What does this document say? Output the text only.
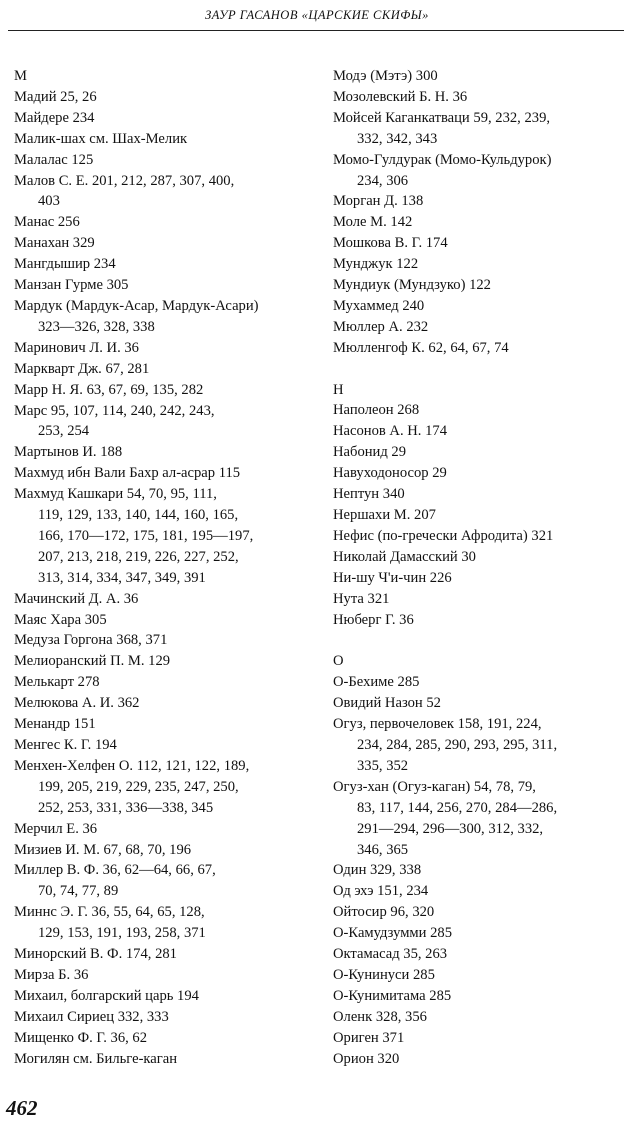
ЗАУР ГАСАНОВ «ЦАРСКИЕ СКИФЫ»
М
Мадий 25, 26
Майдере 234
Малик-шах см. Шах-Мелик
Малалас 125
Малов С. Е. 201, 212, 287, 307, 400,
403
Манас 256
Манахан 329
Мангдышир 234
Манзан Гурме 305
Мардук (Мардук-Асар, Мардук-Асари)
323—326, 328, 338
Маринович Л. И. 36
Маркварт Дж. 67, 281
Марр Н. Я. 63, 67, 69, 135, 282
Марс 95, 107, 114, 240, 242, 243,
253, 254
Мартынов И. 188
Махмуд ибн Вали Бахр ал-асрар 115
Махмуд Кашкари 54, 70, 95, 111,
119, 129, 133, 140, 144, 160, 165,
166, 170—172, 175, 181, 195—197,
207, 213, 218, 219, 226, 227, 252,
313, 314, 334, 347, 349, 391
Мачинский Д. А. 36
Маяс Хара 305
Медуза Горгона 368, 371
Мелиоранский П. М. 129
Мелькарт 278
Мелюкова А. И. 362
Менандр 151
Менгес К. Г. 194
Менхен-Хелфен О. 112, 121, 122, 189,
199, 205, 219, 229, 235, 247, 250,
252, 253, 331, 336—338, 345
Мерчил Е. 36
Мизиев И. М. 67, 68, 70, 196
Миллер В. Ф. 36, 62—64, 66, 67,
70, 74, 77, 89
Миннс Э. Г. 36, 55, 64, 65, 128,
129, 153, 191, 193, 258, 371
Минорский В. Ф. 174, 281
Мирза Б. 36
Михаил, болгарский царь 194
Михаил Сириец 332, 333
Мищенко Ф. Г. 36, 62
Могилян см. Бильге-каган
Модэ (Мэтэ) 300
Мозолевский Б. Н. 36
Мойсей Каганкатваци 59, 232, 239,
332, 342, 343
Момо-Гулдурак (Момо-Кульдурок)
234, 306
Морган Д. 138
Моле М. 142
Мошкова В. Г. 174
Мунджук 122
Мундиук (Мундзуко) 122
Мухаммед 240
Мюллер А. 232
Мюлленгоф К. 62, 64, 67, 74
Н
Наполеон 268
Насонов А. Н. 174
Набонид 29
Навуходоносор 29
Нептун 340
Нершахи М. 207
Нефис (по-гречески Афродита) 321
Николай Дамасский 30
Ни-шу Ч'и-чин 226
Нута 321
Нюберг Г. 36
О
О-Бехиме 285
Овидий Назон 52
Огуз, первочеловек 158, 191, 224,
234, 284, 285, 290, 293, 295, 311,
335, 352
Огуз-хан (Огуз-каган) 54, 78, 79,
83, 117, 144, 256, 270, 284—286,
291—294, 296—300, 312, 332,
346, 365
Один 329, 338
Од эхэ 151, 234
Ойтосир 96, 320
О-Камудзумми 285
Октамасад 35, 263
О-Кунинуси 285
О-Кунимитама 285
Оленк 328, 356
Ориген 371
Орион 320
462
